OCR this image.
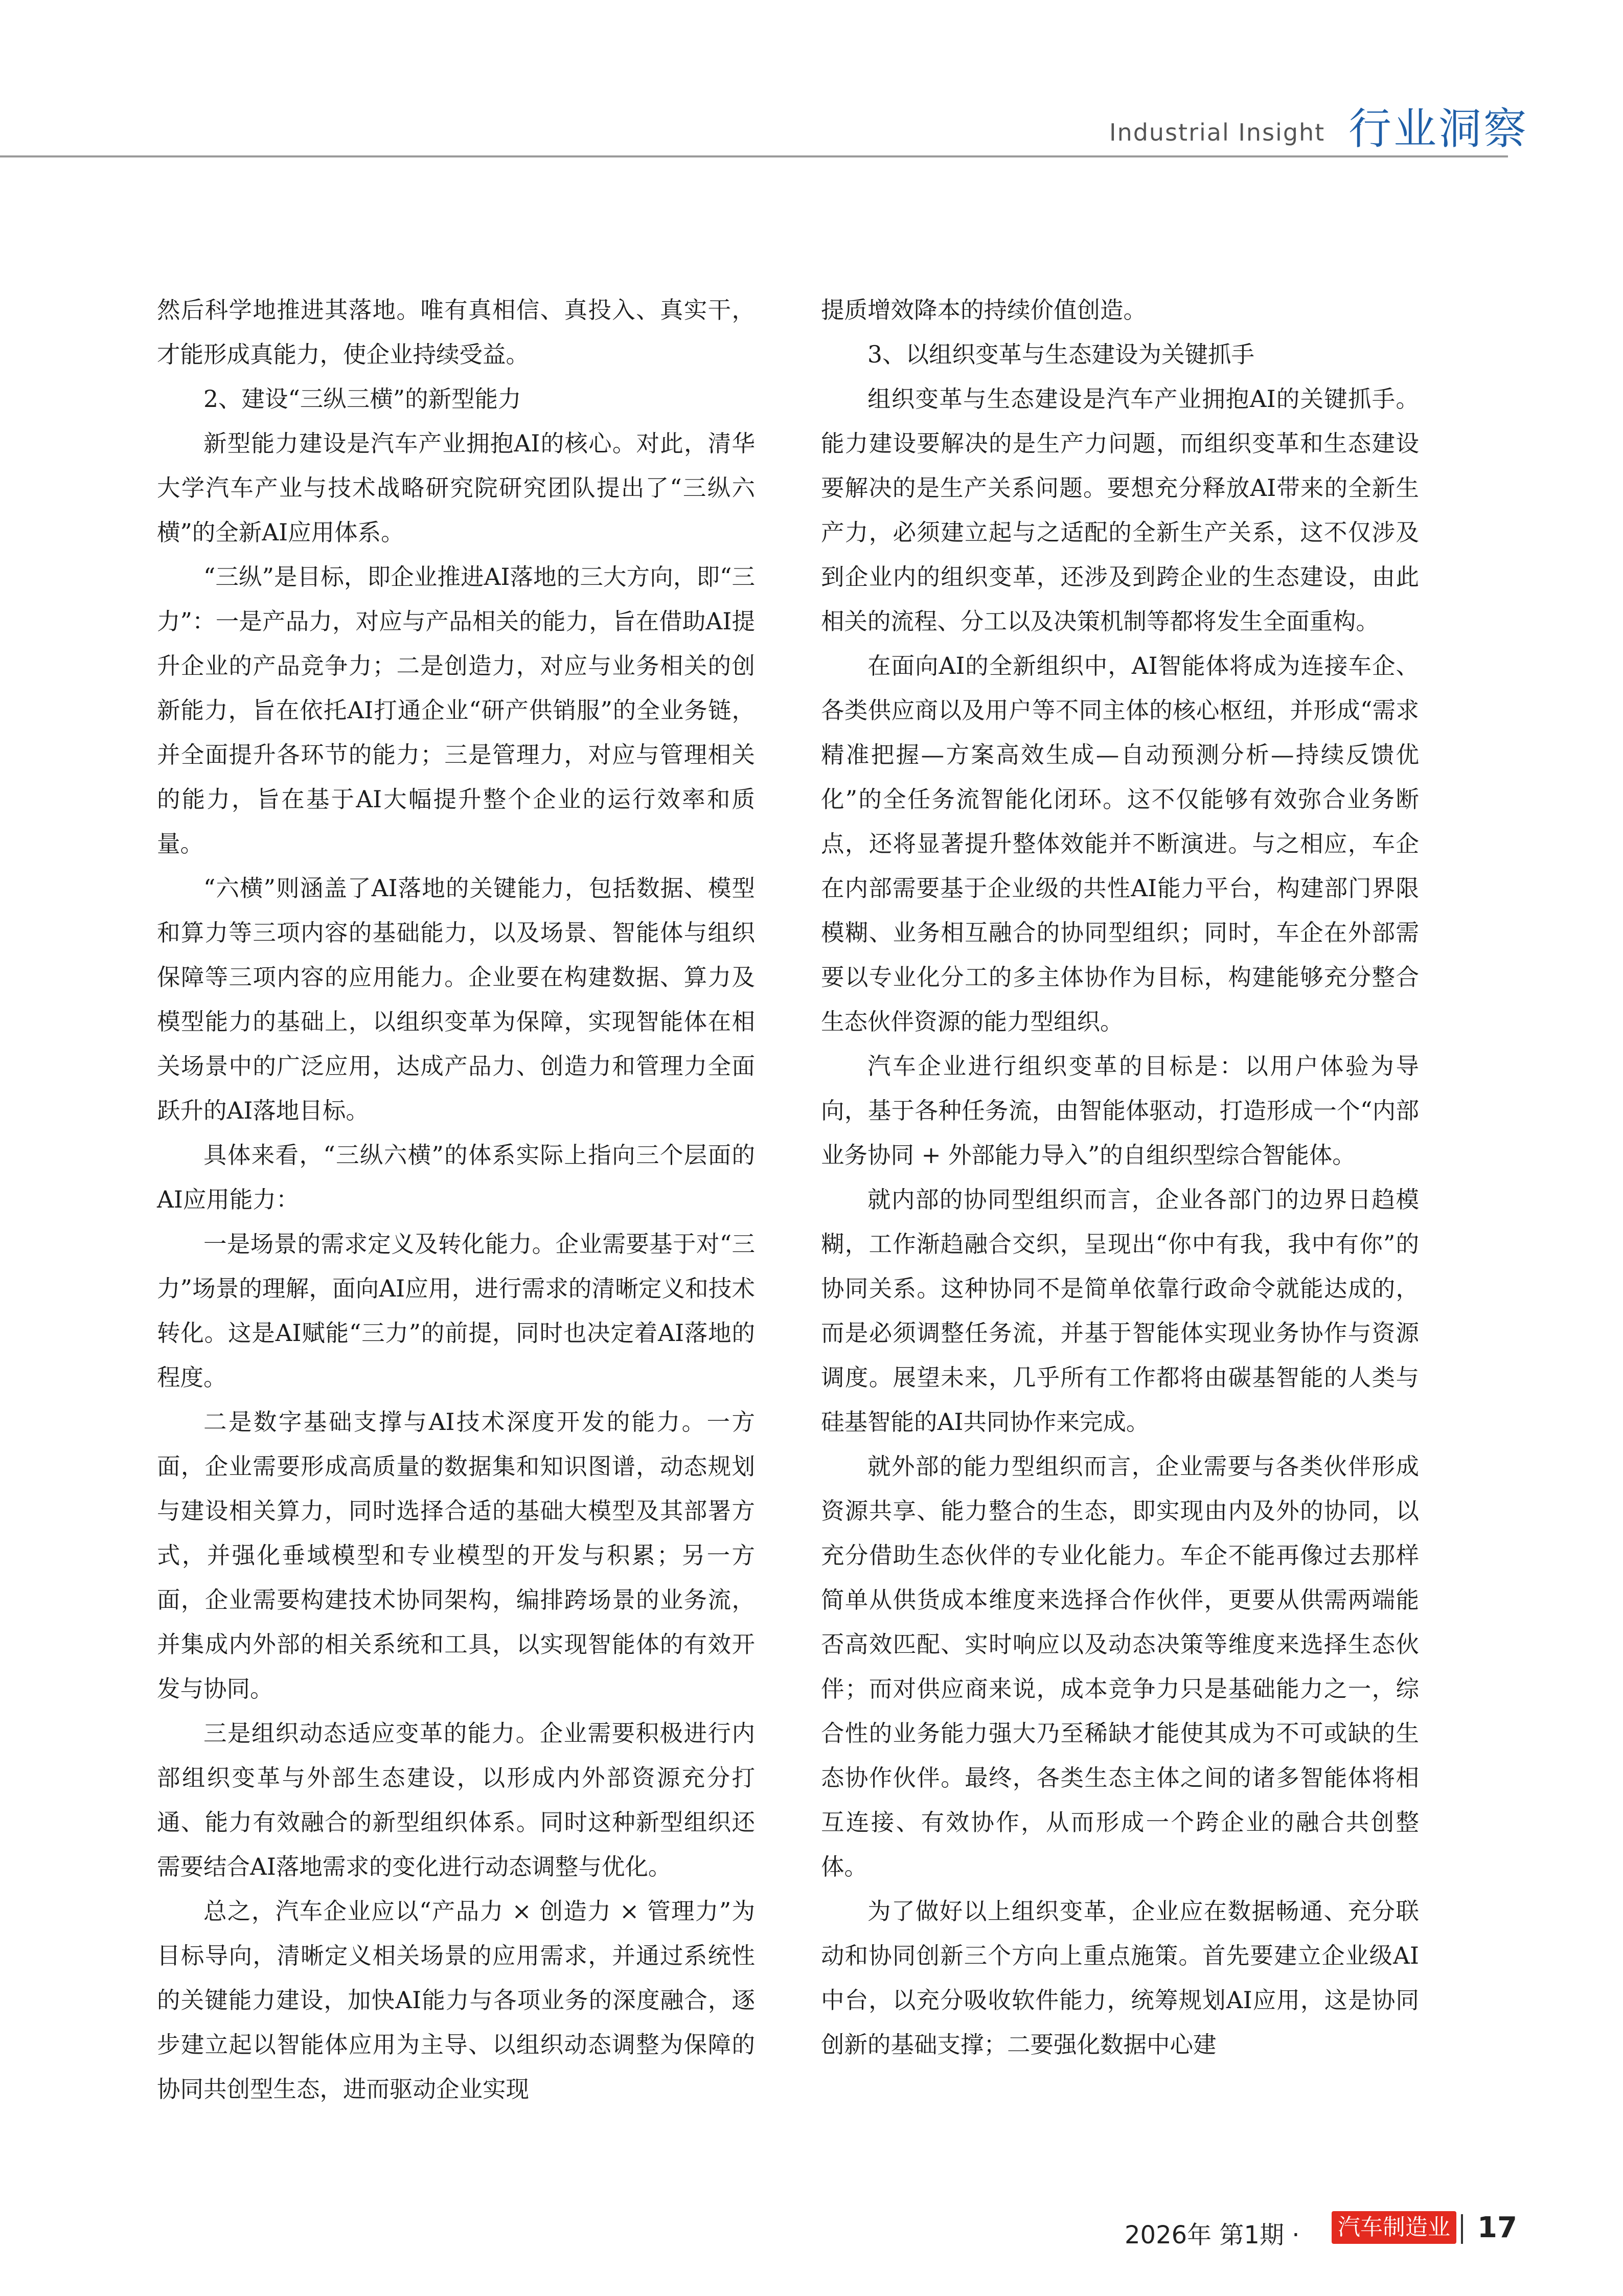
Industrial Insight 行业洞察

然后科学地推进其落地。唯有真相信、真投入、真实干，才能形成真能力，使企业持续受益。

2、建设“三纵三横”的新型能力

新型能力建设是汽车产业拥抱AI的核心。对此，清华大学汽车产业与技术战略研究院研究团队提出了“三纵六横”的全新AI应用体系。

“三纵”是目标，即企业推进AI落地的三大方向，即“三力”：一是产品力，对应与产品相关的能力，旨在借助AI提升企业的产品竞争力；二是创造力，对应与业务相关的创新能力，旨在依托AI打通企业“研产供销服”的全业务链，并全面提升各环节的能力；三是管理力，对应与管理相关的能力，旨在基于AI大幅提升整个企业的运行效率和质量。

“六横”则涵盖了AI落地的关键能力，包括数据、模型和算力等三项内容的基础能力，以及场景、智能体与组织保障等三项内容的应用能力。企业要在构建数据、算力及模型能力的基础上，以组织变革为保障，实现智能体在相关场景中的广泛应用，达成产品力、创造力和管理力全面跃升的AI落地目标。

具体来看，“三纵六横”的体系实际上指向三个层面的AI应用能力：

一是场景的需求定义及转化能力。企业需要基于对“三力”场景的理解，面向AI应用，进行需求的清晰定义和技术转化。这是AI赋能“三力”的前提，同时也决定着AI落地的程度。

二是数字基础支撑与AI技术深度开发的能力。一方面，企业需要形成高质量的数据集和知识图谱，动态规划与建设相关算力，同时选择合适的基础大模型及其部署方式，并强化垂域模型和专业模型的开发与积累；另一方面，企业需要构建技术协同架构，编排跨场景的业务流，并集成内外部的相关系统和工具，以实现智能体的有效开发与协同。

三是组织动态适应变革的能力。企业需要积极进行内部组织变革与外部生态建设，以形成内外部资源充分打通、能力有效融合的新型组织体系。同时这种新型组织还需要结合AI落地需求的变化进行动态调整与优化。

总之，汽车企业应以“产品力 × 创造力 × 管理力”为目标导向，清晰定义相关场景的应用需求，并通过系统性的关键能力建设，加快AI能力与各项业务的深度融合，逐步建立起以智能体应用为主导、以组织动态调整为保障的协同共创型生态，进而驱动企业实现

提质增效降本的持续价值创造。

3、以组织变革与生态建设为关键抓手

组织变革与生态建设是汽车产业拥抱AI的关键抓手。能力建设要解决的是生产力问题，而组织变革和生态建设要解决的是生产关系问题。要想充分释放AI带来的全新生产力，必须建立起与之适配的全新生产关系，这不仅涉及到企业内的组织变革，还涉及到跨企业的生态建设，由此相关的流程、分工以及决策机制等都将发生全面重构。

在面向AI的全新组织中，AI智能体将成为连接车企、各类供应商以及用户等不同主体的核心枢纽，并形成“需求精准把握—方案高效生成—自动预测分析—持续反馈优化”的全任务流智能化闭环。这不仅能够有效弥合业务断点，还将显著提升整体效能并不断演进。与之相应，车企在内部需要基于企业级的共性AI能力平台，构建部门界限模糊、业务相互融合的协同型组织；同时，车企在外部需要以专业化分工的多主体协作为目标，构建能够充分整合生态伙伴资源的能力型组织。

汽车企业进行组织变革的目标是：以用户体验为导向，基于各种任务流，由智能体驱动，打造形成一个“内部业务协同 + 外部能力导入”的自组织型综合智能体。

就内部的协同型组织而言，企业各部门的边界日趋模糊，工作渐趋融合交织，呈现出“你中有我，我中有你”的协同关系。这种协同不是简单依靠行政命令就能达成的，而是必须调整任务流，并基于智能体实现业务协作与资源调度。展望未来，几乎所有工作都将由碳基智能的人类与硅基智能的AI共同协作来完成。

就外部的能力型组织而言，企业需要与各类伙伴形成资源共享、能力整合的生态，即实现由内及外的协同，以充分借助生态伙伴的专业化能力。车企不能再像过去那样简单从供货成本维度来选择合作伙伴，更要从供需两端能否高效匹配、实时响应以及动态决策等维度来选择生态伙伴；而对供应商来说，成本竞争力只是基础能力之一，综合性的业务能力强大乃至稀缺才能使其成为不可或缺的生态协作伙伴。最终，各类生态主体之间的诸多智能体将相互连接、有效协作，从而形成一个跨企业的融合共创整体。

为了做好以上组织变革，企业应在数据畅通、充分联动和协同创新三个方向上重点施策。首先要建立企业级AI中台，以充分吸收软件能力，统筹规划AI应用，这是协同创新的基础支撑；二要强化数据中心建

2026年 第1期 · 汽车制造业 17
